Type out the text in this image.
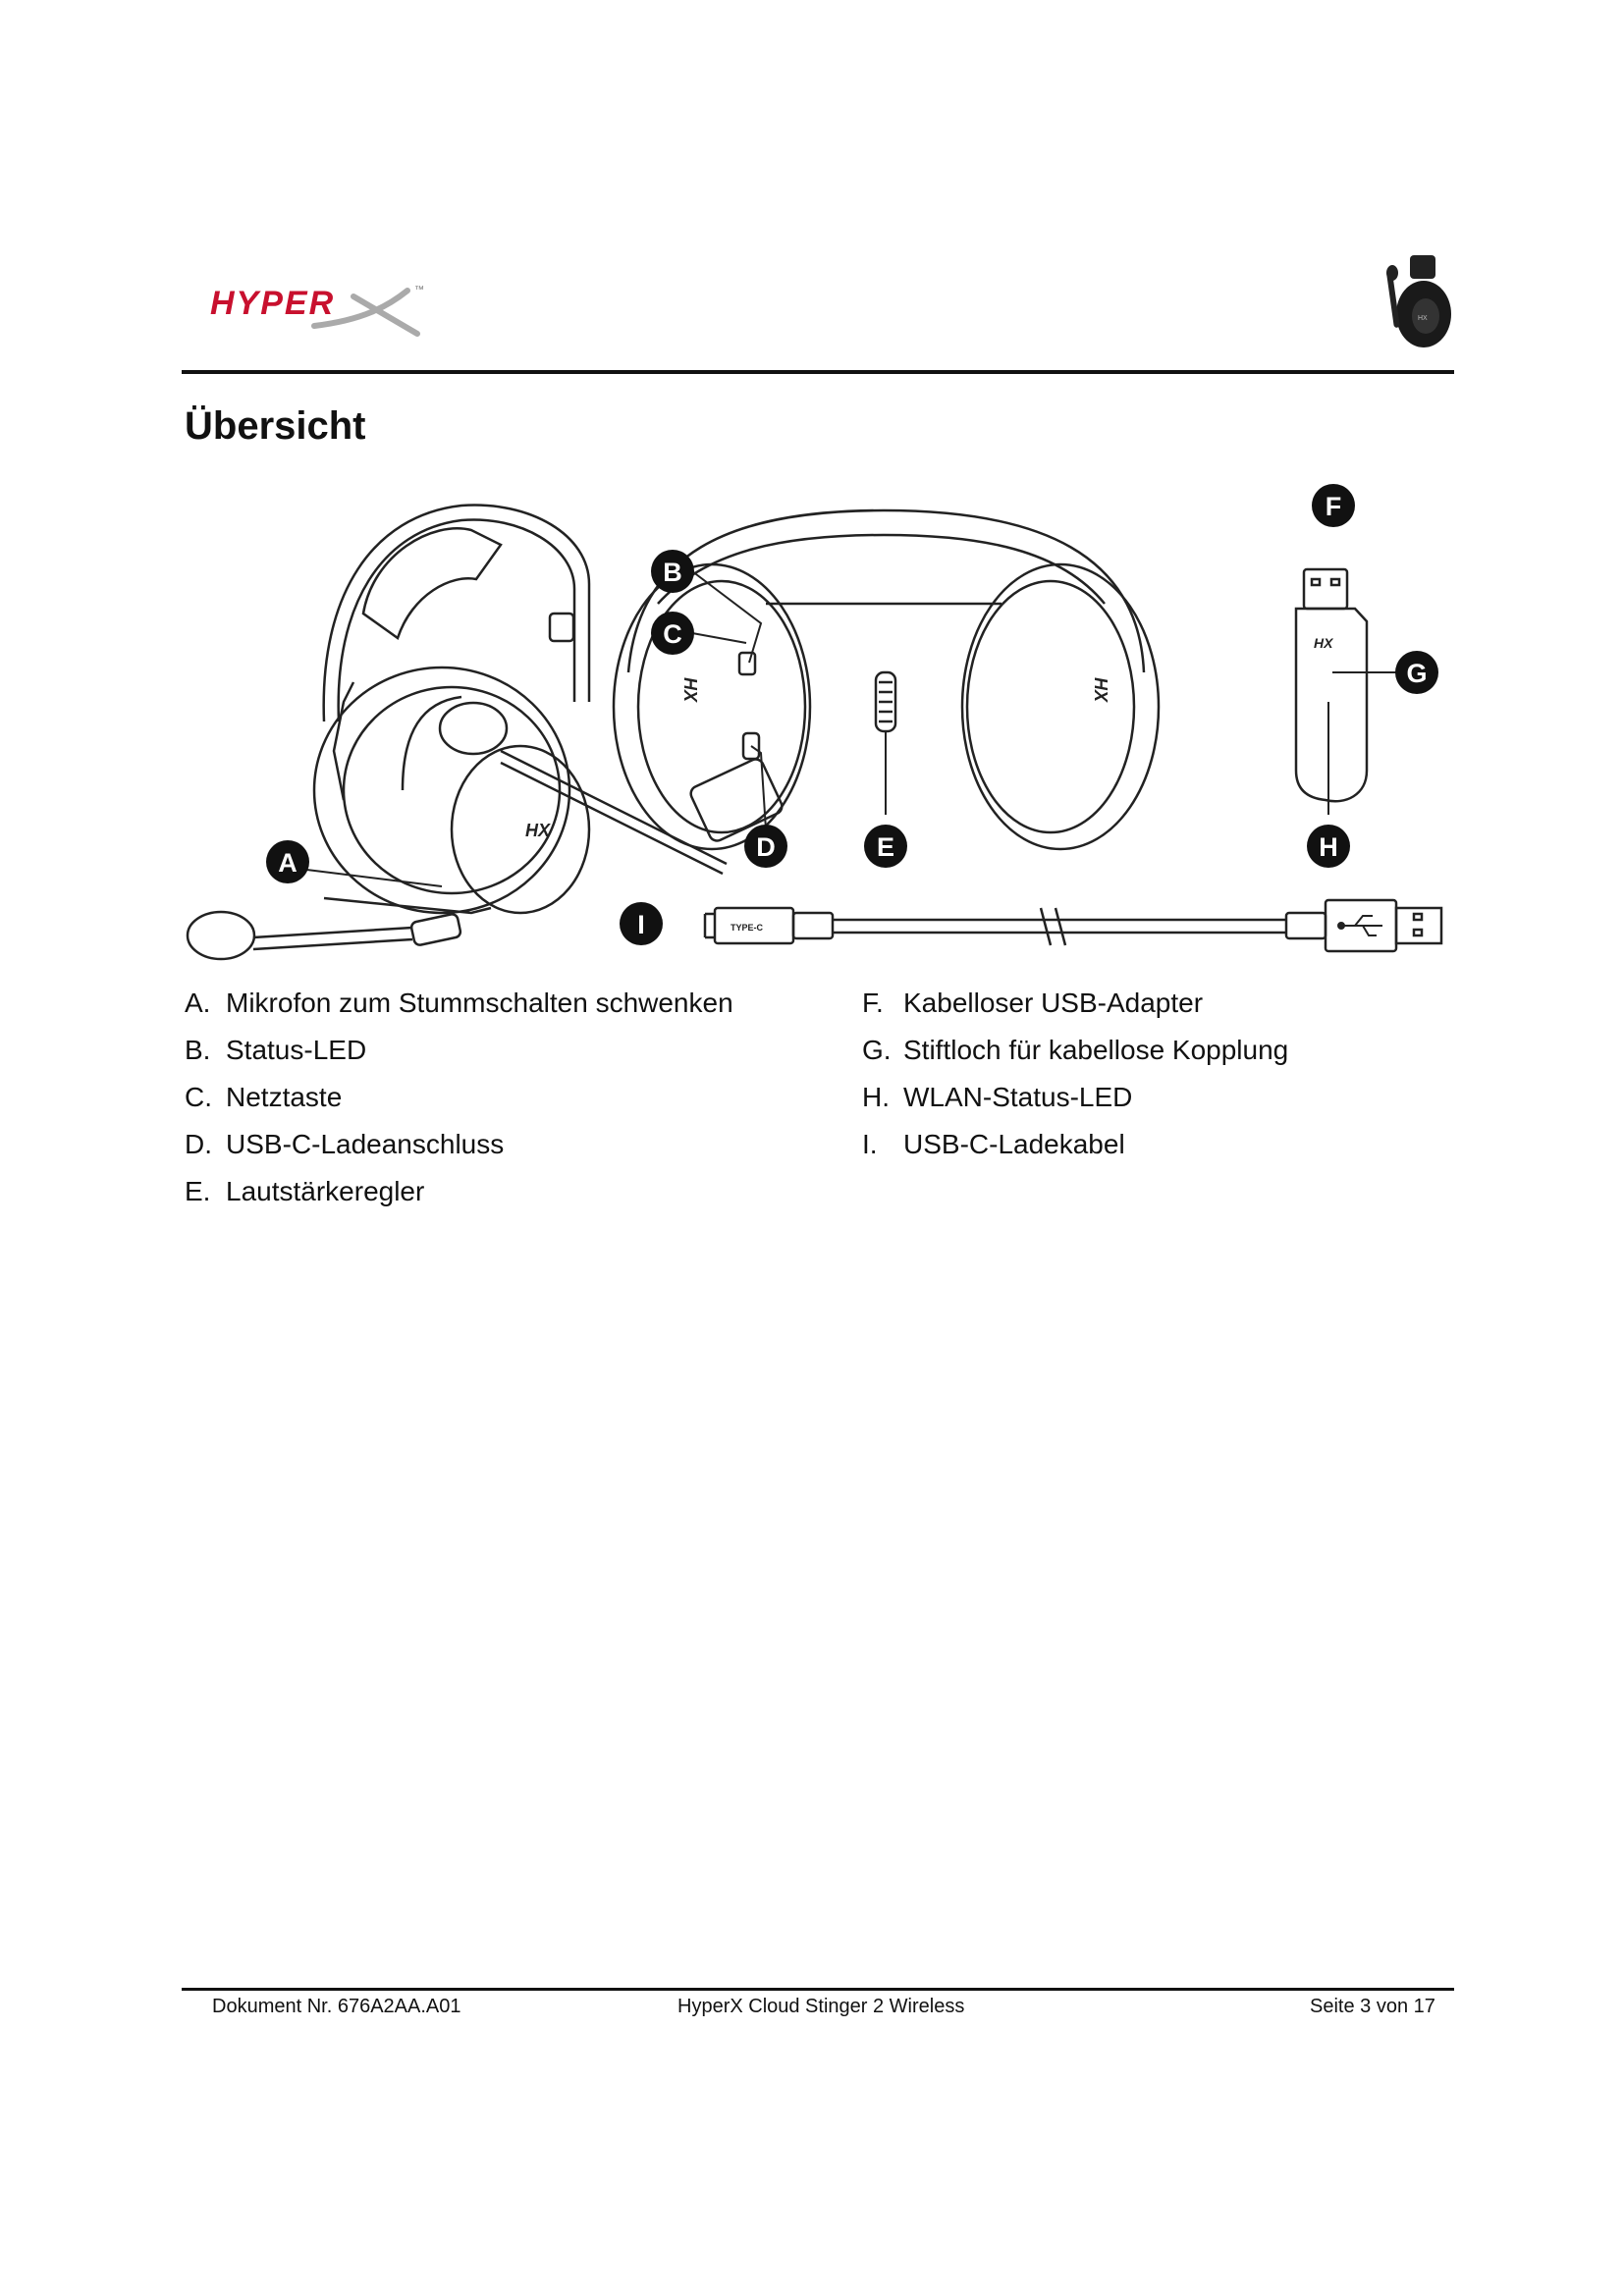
HYPER	™
HX
Übersicht
HX
HX	HX
HX
TYPE-C
A
B
C
D	E
F
G
H
I
A. Mikrofon zum Stummschalten schwenken
B. Status-LED
C. Netztaste
D. USB-C-Ladeanschluss
E. Lautstärkeregler
F. Kabelloser USB-Adapter
G. Stiftloch für kabellose Kopplung
H. WLAN-Status-LED
I. USB-C-Ladekabel
Dokument Nr. 676A2AA.A01	HyperX Cloud Stinger 2 Wireless	Seite 3 von 17
